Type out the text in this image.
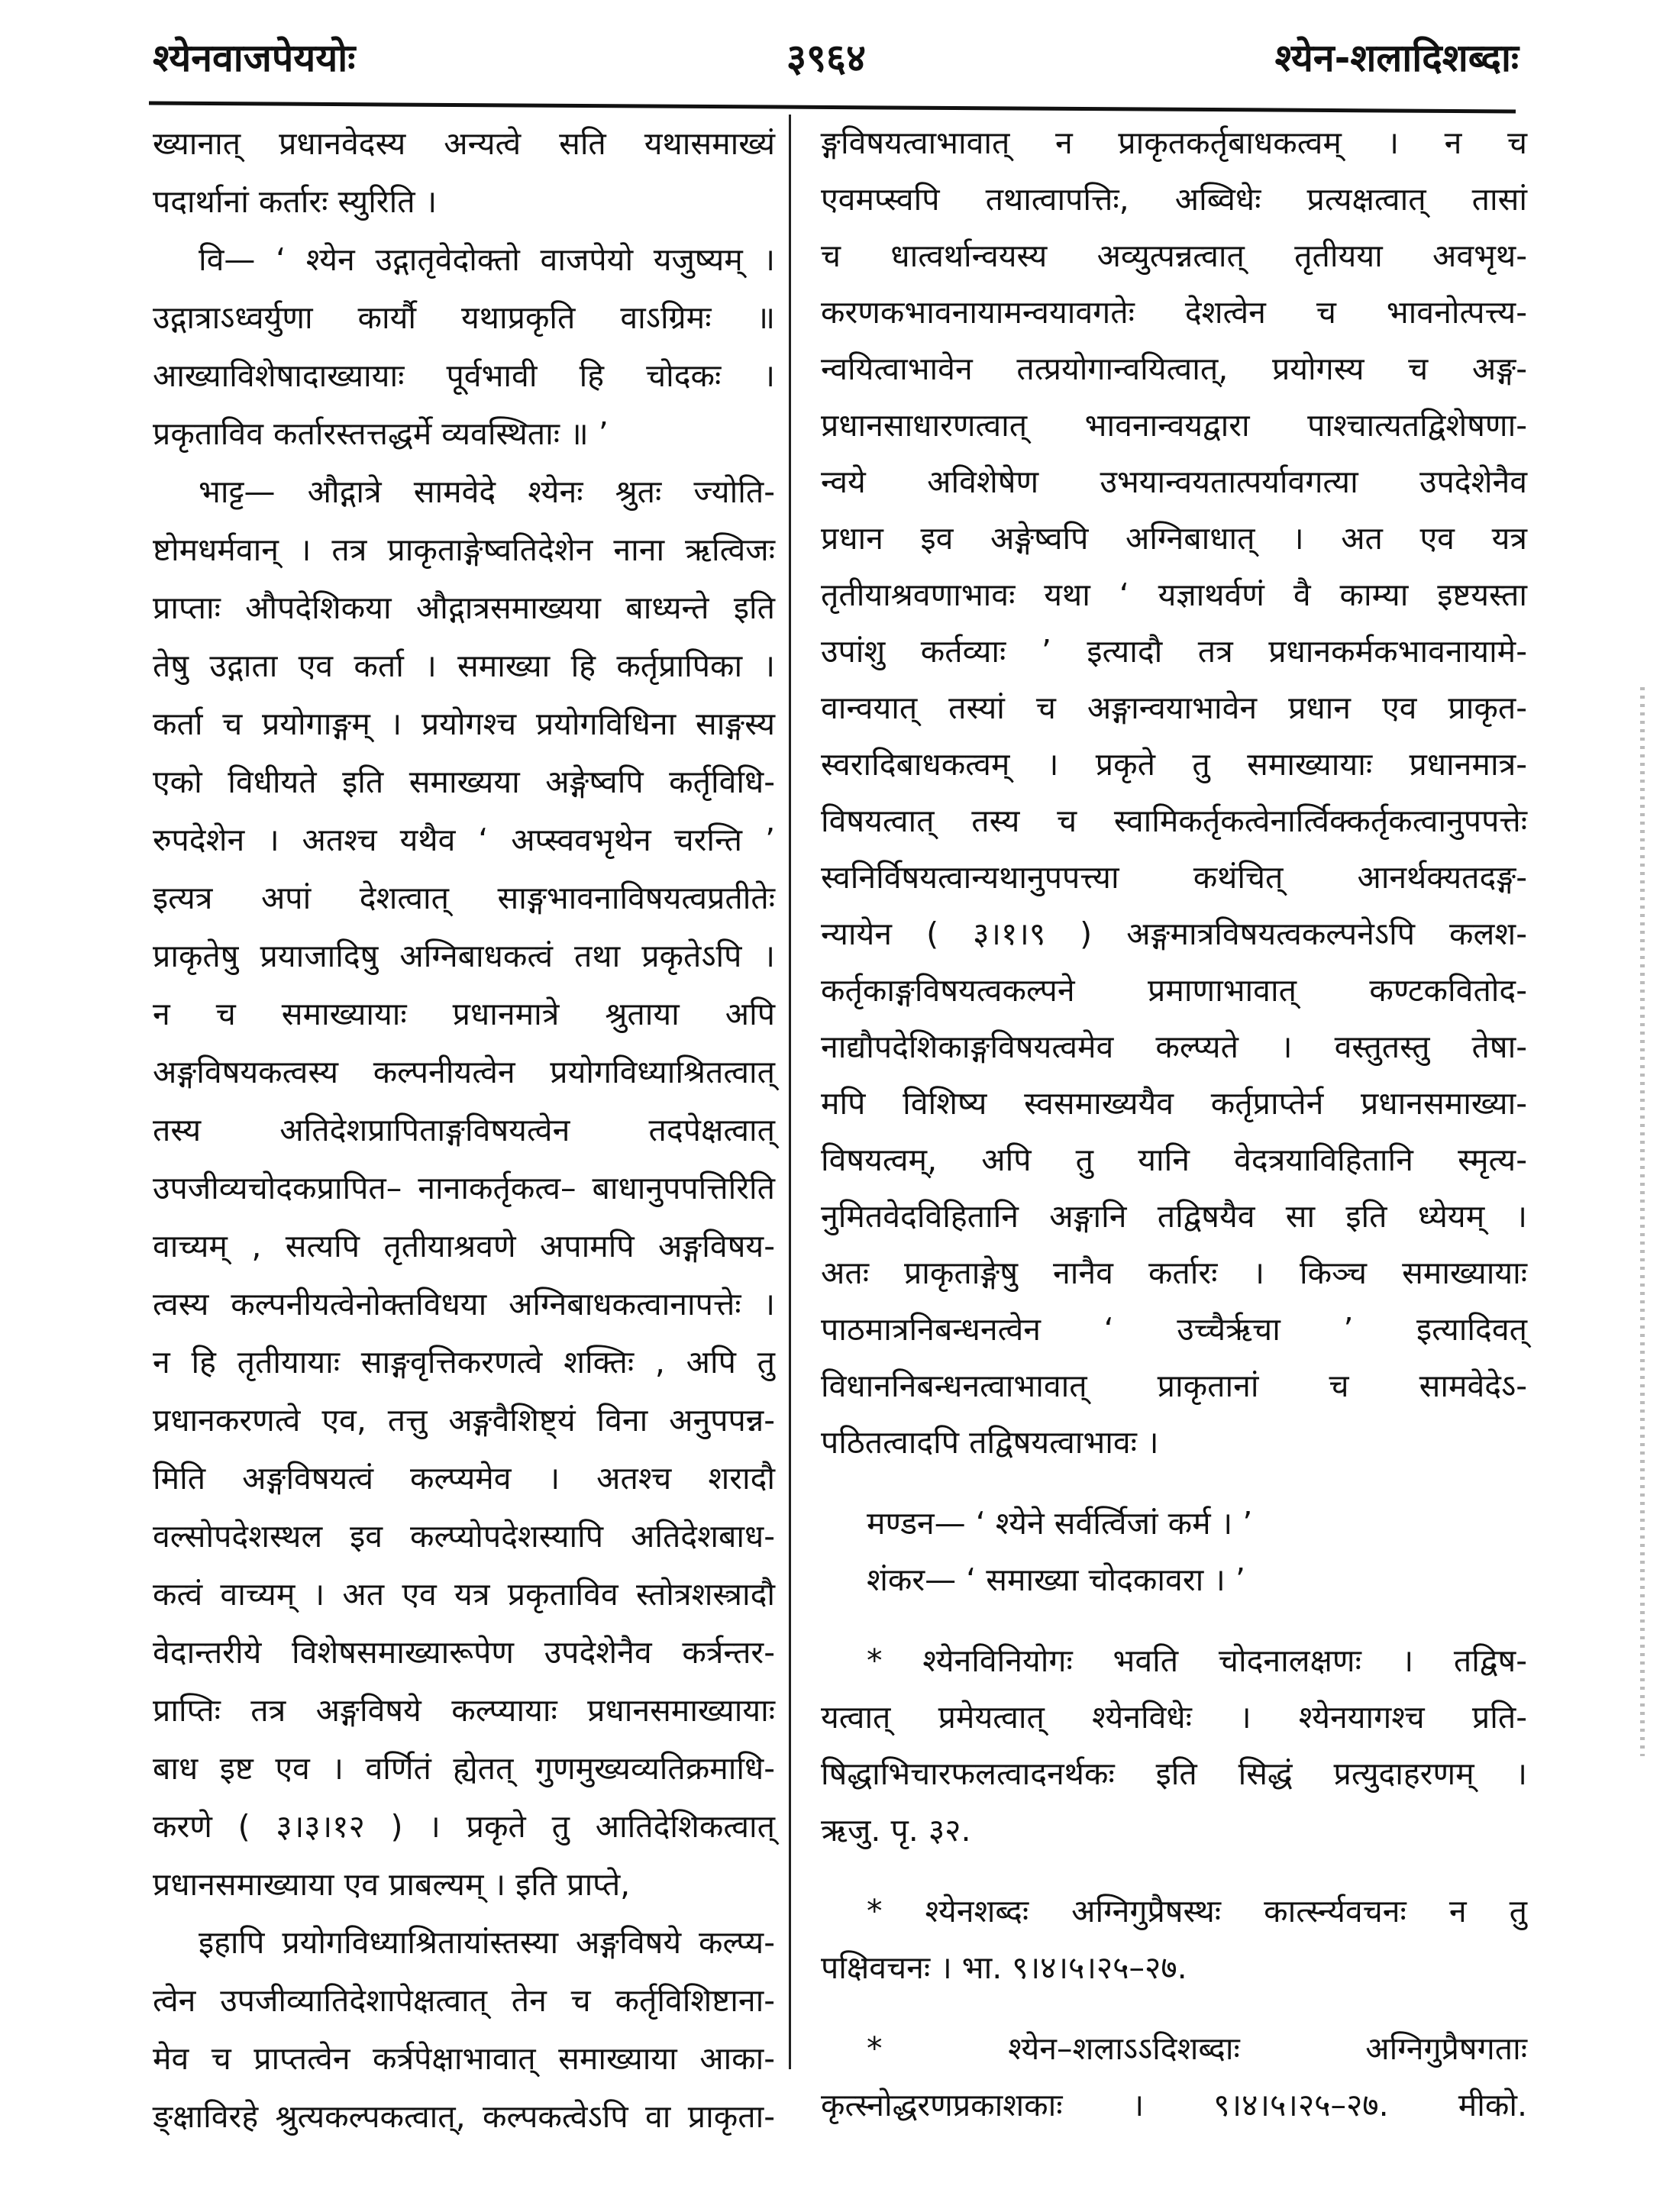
श्येनवाजपेययोः	३९६४	श्येन-शलादिशब्दाः
ख्यानात् प्रधानवेदस्य अन्यत्वे सति यथासमाख्यं
पदार्थानां कर्तारः स्युरिति ।
वि— ‘ श्येन उद्गातृवेदोक्तो वाजपेयो यजुष्यम् ।
उद्गात्राऽध्वर्युणा कार्यौ यथाप्रकृति वाऽग्रिमः ॥
आख्याविशेषादाख्यायाः पूर्वभावी हि चोदकः ।
प्रकृताविव कर्तारस्तत्तद्धर्मे व्यवस्थिताः ॥ ’
भाट्ट— औद्गात्रे सामवेदे श्येनः श्रुतः ज्योति-
ष्टोमधर्मवान् । तत्र प्राकृताङ्गेष्वतिदेशेन नाना ऋत्विजः
प्राप्ताः औपदेशिकया औद्गात्रसमाख्यया बाध्यन्ते इति
तेषु उद्गाता एव कर्ता । समाख्या हि कर्तृप्रापिका ।
कर्ता च प्रयोगाङ्गम् । प्रयोगश्च प्रयोगविधिना साङ्गस्य
एको विधीयते इति समाख्यया अङ्गेष्वपि कर्तृविधि-
रुपदेशेन । अतश्च यथैव ‘ अप्स्ववभृथेन चरन्ति ’
इत्यत्र अपां देशत्वात् साङ्गभावनाविषयत्वप्रतीतेः
प्राकृतेषु प्रयाजादिषु अग्निबाधकत्वं तथा प्रकृतेऽपि ।
न च समाख्यायाः प्रधानमात्रे श्रुताया अपि
अङ्गविषयकत्वस्य कल्पनीयत्वेन प्रयोगविध्याश्रितत्वात्
तस्य अतिदेशप्रापिताङ्गविषयत्वेन तदपेक्षत्वात्
उपजीव्यचोदकप्रापित– नानाकर्तृकत्व– बाधानुपपत्तिरिति
वाच्यम् , सत्यपि तृतीयाश्रवणे अपामपि अङ्गविषय-
त्वस्य कल्पनीयत्वेनोक्तविधया अग्निबाधकत्वानापत्तेः ।
न हि तृतीयायाः साङ्गवृत्तिकरणत्वे शक्तिः , अपि तु
प्रधानकरणत्वे एव, तत्तु अङ्गवैशिष्ट्यं विना अनुपपन्न-
मिति अङ्गविषयत्वं कल्प्यमेव । अतश्च शरादौ
वल्सोपदेशस्थल इव कल्प्योपदेशस्यापि अतिदेशबाध-
कत्वं वाच्यम् । अत एव यत्र प्रकृताविव स्तोत्रशस्त्रादौ
वेदान्तरीये विशेषसमाख्यारूपेण उपदेशेनैव कर्त्रन्तर-
प्राप्तिः तत्र अङ्गविषये कल्प्यायाः प्रधानसमाख्यायाः
बाध इष्ट एव । वर्णितं ह्येतत् गुणमुख्यव्यतिक्रमाधि-
करणे ( ३।३।१२ ) । प्रकृते तु आतिदेशिकत्वात्
प्रधानसमाख्याया एव प्राबल्यम् । इति प्राप्ते,
इहापि प्रयोगविध्याश्रितायांस्तस्या अङ्गविषये कल्प्य-
त्वेन उपजीव्यातिदेशापेक्षत्वात् तेन च कर्तृविशिष्टाना-
मेव च प्राप्तत्वेन कर्त्रपेक्षाभावात् समाख्याया आका-
ङ्क्षाविरहे श्रुत्यकल्पकत्वात्, कल्पकत्वेऽपि वा प्राकृता-
ङ्गविषयत्वाभावात् न प्राकृतकर्तृबाधकत्वम् । न च
एवमप्स्वपि तथात्वापत्तिः, अब्विधेः प्रत्यक्षत्वात् तासां
च धात्वर्थान्वयस्य अव्युत्पन्नत्वात् तृतीयया अवभृथ-
करणकभावनायामन्वयावगतेः देशत्वेन च भावनोत्पत्त्य-
न्वयित्वाभावेन तत्प्रयोगान्वयित्वात्, प्रयोगस्य च अङ्ग-
प्रधानसाधारणत्वात् भावनान्वयद्वारा पाश्चात्यतद्विशेषणा-
न्वये अविशेषेण उभयान्वयतात्पर्यावगत्या उपदेशेनैव
प्रधान इव अङ्गेष्वपि अग्निबाधात् । अत एव यत्र
तृतीयाश्रवणाभावः यथा ‘ यज्ञाथर्वणं वै काम्या इष्टयस्ता
उपांशु कर्तव्याः ’ इत्यादौ तत्र प्रधानकर्मकभावनायामे-
वान्वयात् तस्यां च अङ्गान्वयाभावेन प्रधान एव प्राकृत-
स्वरादिबाधकत्वम् । प्रकृते तु समाख्यायाः प्रधानमात्र-
विषयत्वात् तस्य च स्वामिकर्तृकत्वेनार्त्विक्कर्तृकत्वानुपपत्तेः
स्वनिर्विषयत्वान्यथानुपपत्त्या कथंचित् आनर्थक्यतदङ्ग-
न्यायेन ( ३।१।९ ) अङ्गमात्रविषयत्वकल्पनेऽपि कलश-
कर्तृकाङ्गविषयत्वकल्पने प्रमाणाभावात् कण्टकवितोद-
नाद्यौपदेशिकाङ्गविषयत्वमेव कल्प्यते । वस्तुतस्तु तेषा-
मपि विशिष्य स्वसमाख्ययैव कर्तृप्राप्तेर्न प्रधानसमाख्या-
विषयत्वम्, अपि तु यानि वेदत्रयाविहितानि स्मृत्य-
नुमितवेदविहितानि अङ्गानि तद्विषयैव सा इति ध्येयम् ।
अतः प्राकृताङ्गेषु नानैव कर्तारः । किञ्च समाख्यायाः
पाठमात्रनिबन्धनत्वेन ‘ उच्चैर्ऋचा ’ इत्यादिवत्
विधाननिबन्धनत्वाभावात् प्राकृतानां च सामवेदेऽ-
पठितत्वादपि तद्विषयत्वाभावः ।
मण्डन— ‘ श्येने सर्वर्त्विजां कर्म । ’
शंकर— ‘ समाख्या चोदकावरा । ’
* श्येनविनियोगः भवति चोदनालक्षणः । तद्विष-
यत्वात् प्रमेयत्वात् श्येनविधेः । श्येनयागश्च प्रति-
षिद्धाभिचारफलत्वादनर्थकः इति सिद्धं प्रत्युदाहरणम् ।
ऋजु. पृ. ३२.
* श्येनशब्दः अग्निगुप्रैषस्थः कार्त्स्न्यवचनः न तु
पक्षिवचनः । भा. ९।४।५।२५–२७.
* श्येन–शलाऽऽदिशब्दाः अग्निगुप्रैषगताः
कृत्स्नोद्धरणप्रकाशकाः । ९।४।५।२५–२७. मीको.
